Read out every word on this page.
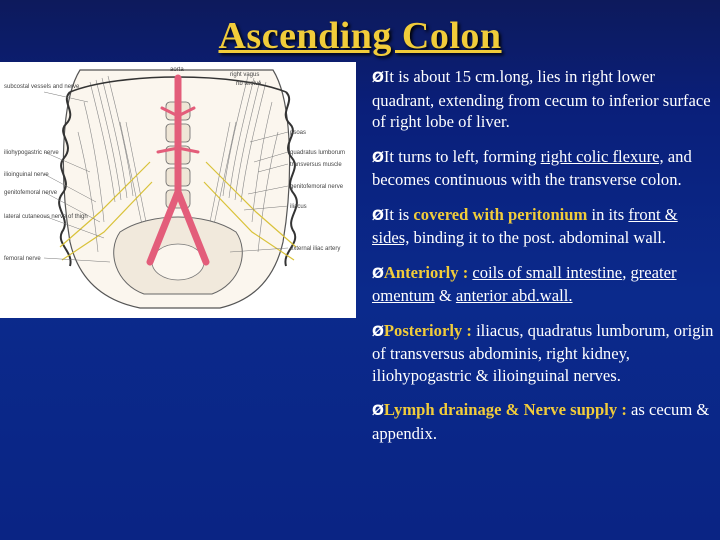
Ascending Colon
subcostal vessels and nerve
iliohypogastric nerve
ilioinguinal nerve
genitofemoral nerve
lateral cutaneous nerve of thigh
femoral nerve
aorta
right vagus
rib twelve
psoas
quadratus lumborum
transversus muscle
genitofemoral nerve
iliacus
external iliac artery
ØIt is about 15 cm.long, lies in right lower quadrant, extending from cecum to inferior surface of right lobe of liver.
ØIt turns to left, forming right colic flexure, and becomes continuous with the transverse colon.
ØIt is covered with peritonium in its front & sides, binding it to the post. abdominal wall.
ØAnteriorly : coils of small intestine, greater omentum & anterior abd.wall.
ØPosteriorly : iliacus, quadratus lumborum, origin of transversus abdominis, right kidney, iliohypogastric & ilioinguinal nerves.
ØLymph drainage & Nerve supply : as cecum & appendix.
